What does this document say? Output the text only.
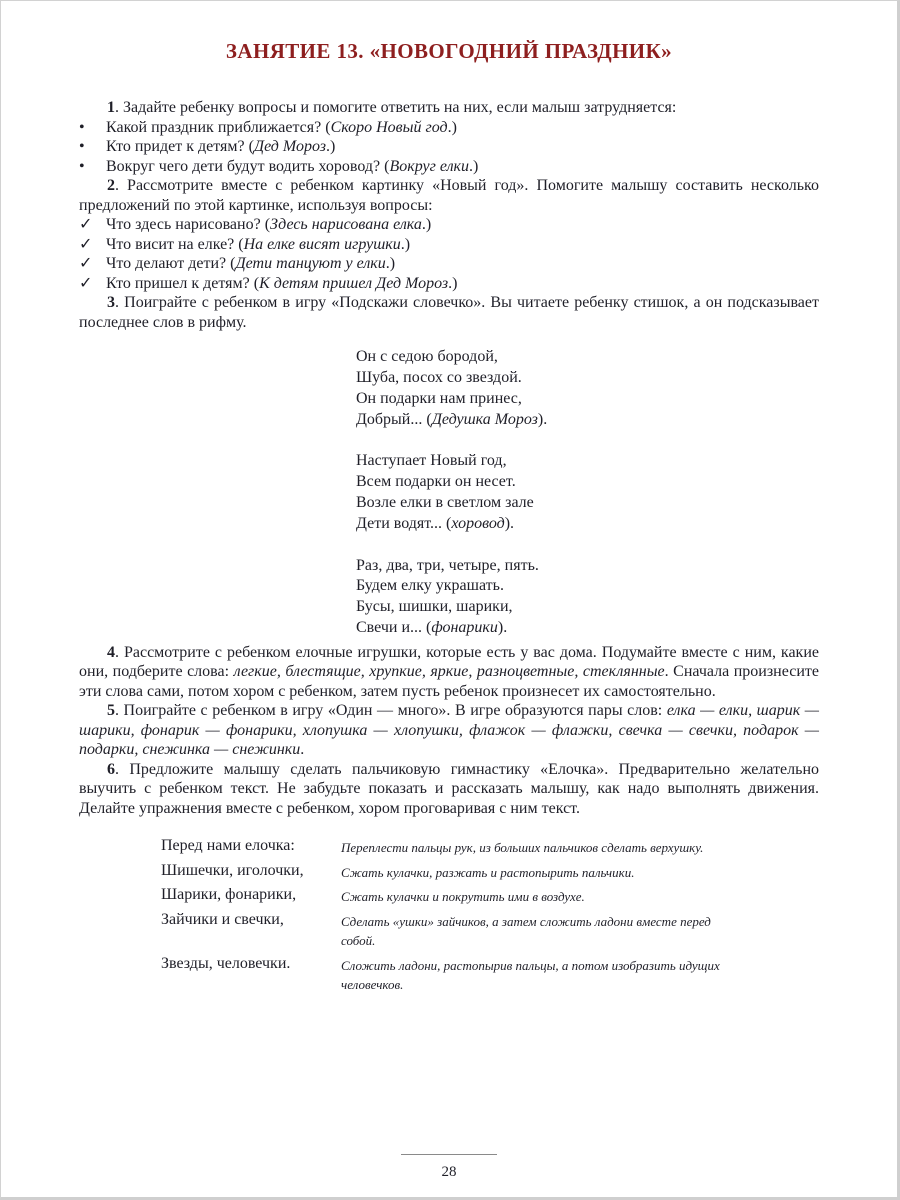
ЗАНЯТИЕ 13. «НОВОГОДНИЙ ПРАЗДНИК»

1. Задайте ребенку вопросы и помогите ответить на них, если малыш затрудняется:

•	Какой праздник приближается? (Скоро Новый год.)
•	Кто придет к детям? (Дед Мороз.)
•	Вокруг чего дети будут водить хоровод? (Вокруг елки.)

2. Рассмотрите вместе с ребенком картинку «Новый год». Помогите малышу составить несколько предложений по этой картинке, используя вопросы:

✓ Что здесь нарисовано? (Здесь нарисована елка.)
✓ Что висит на елке? (На елке висят игрушки.)
✓ Что делают дети? (Дети танцуют у елки.)
✓ Кто пришел к детям? (К детям пришел Дед Мороз.)

3. Поиграйте с ребенком в игру «Подскажи словечко». Вы читаете ребенку стишок, а он подсказывает последнее слов в рифму.

Он с седою бородой,
Шуба, посох со звездой.
Он подарки нам принес,
Добрый... (Дедушка Мороз).
Наступает Новый год,
Всем подарки он несет.
Возле елки в светлом зале
Дети водят... (хоровод).
Раз, два, три, четыре, пять.
Будем елку украшать.
Бусы, шишки, шарики,
Свечи и... (фонарики).

4. Рассмотрите с ребенком елочные игрушки, которые есть у вас дома. Подумайте вместе с ним, какие они, подберите слова: легкие, блестящие, хрупкие, яркие, разноцветные, стеклянные. Сначала произнесите эти слова сами, потом хором с ребенком, затем пусть ребенок произнесет их самостоятельно.

5. Поиграйте с ребенком в игру «Один — много». В игре образуются пары слов: елка — елки, шарик — шарики, фонарик — фонарики, хлопушка — хлопушки, флажок — флажки, свечка — свечки, подарок — подарки, снежинка — снежинки.

6. Предложите малышу сделать пальчиковую гимнастику «Елочка». Предварительно желательно выучить с ребенком текст. Не забудьте показать и рассказать малышу, как надо выполнять движения. Делайте упражнения вместе с ребенком, хором проговаривая с ним текст.

Перед нами елочка:	Переплести пальцы рук, из больших пальчиков сделать верхушку.
Шишечки, иголочки,	Сжать кулачки, разжать и растопырить пальчики.
Шарики, фонарики,	Сжать кулачки и покрутить ими в воздухе.
Зайчики и свечки,	Сделать «ушки» зайчиков, а затем сложить ладони вместе перед собой.
Звезды, человечки.	Сложить ладони, растопырив пальцы, а потом изобразить идущих человечков.
28
